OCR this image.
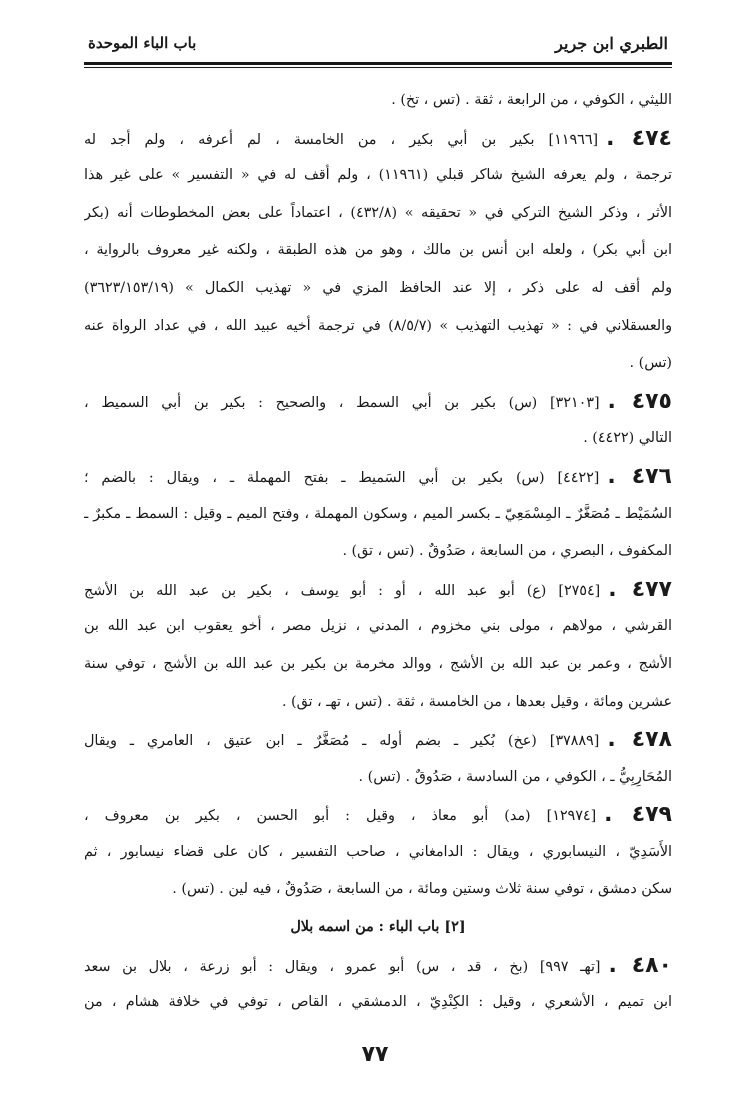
الطبري ابن جرير
باب الباء الموحدة
الليثي ، الكوفي ، من الرابعة ، ثقة . (تس ، تخ) .
٤٧٤ .[١١٩٦٦] بكير بن أبي بكير ، من الخامسة ، لم أعرفه ، ولم أجد له
ترجمة ، ولم يعرفه الشيخ شاكر قبلي (١١٩٦١) ، ولم أقف له في « التفسير » على غير هذا
الأثر ، وذكر الشيخ التركي في « تحقيقه » (٤٣٢/٨) ، اعتماداً على بعض المخطوطات أنه (بكر
ابن أبي بكر) ، ولعله ابن أنس بن مالك ، وهو من هذه الطبقة ، ولكنه غير معروف بالرواية ،
ولم أقف له على ذكر ، إلا عند الحافظ المزي في « تهذيب الكمال » (٣٦٢٣/١٥٣/١٩)
والعسقلاني في : « تهذيب التهذيب » (٨/٥/٧) في ترجمة أخيه عبيد الله ، في عداد الرواة عنه
(تس) .
٤٧٥ .[٣٢١٠٣] (س) بكير بن أبي السمط ، والصحيح : بكير بن أبي السميط ،
التالي (٤٤٢٢) .
٤٧٦ .[٤٤٢٢] (س) بكير بن أبي السَميط ـ بفتح المهملة ـ ، ويقال : بالضم ؛
السُمَيْط ـ مُصَغَّرٌ ـ المِسْمَعِيّ ـ بكسر الميم ، وسكون المهملة ، وفتح الميم ـ وقيل : السمط ـ مكبرٌ ـ
المكفوف ، البصري ، من السابعة ، صَدُوقٌ . (تس ، تق) .
٤٧٧ .[٢٧٥٤] (ع) أبو عبد الله ، أو : أبو يوسف ، بكير بن عبد الله بن الأشج
القرشي ، مولاهم ، مولى بني مخزوم ، المدني ، نزيل مصر ، أخو يعقوب ابن عبد الله بن
الأشج ، وعمر بن عبد الله بن الأشج ، ووالد مخرمة بن بكير بن عبد الله بن الأشج ، توفي سنة
عشرين ومائة ، وقيل بعدها ، من الخامسة ، ثقة . (تس ، تهـ ، تق) .
٤٧٨ .[٣٧٨٨٩] (عخ) بُكير ـ بضم أوله ـ مُصَغَّرٌ ـ ابن عتيق ، العامري ـ ويقال
المُحَارِبِيُّ ـ ، الكوفي ، من السادسة ، صَدُوقٌ . (تس) .
٤٧٩ .[١٢٩٧٤] (مد) أبو معاذ ، وقيل : أبو الحسن ، بكير بن معروف ،
الأَسَدِيّ ، النيسابوري ، ويقال : الدامغاني ، صاحب التفسير ، كان على قضاء نيسابور ، ثم
سكن دمشق ، توفي سنة ثلاث وستين ومائة ، من السابعة ، صَدُوقٌ ، فيه لين . (تس) .
[٢] باب الباء : من اسمه بلال
٤٨٠ .[تهـ ٩٩٧] (بخ ، قد ، س) أبو عمرو ، ويقال : أبو زرعة ، بلال بن سعد
ابن تميم ، الأشعري ، وقيل : الكِنْدِيّ ، الدمشقي ، القاص ، توفي في خلافة هشام ، من
٧٧
